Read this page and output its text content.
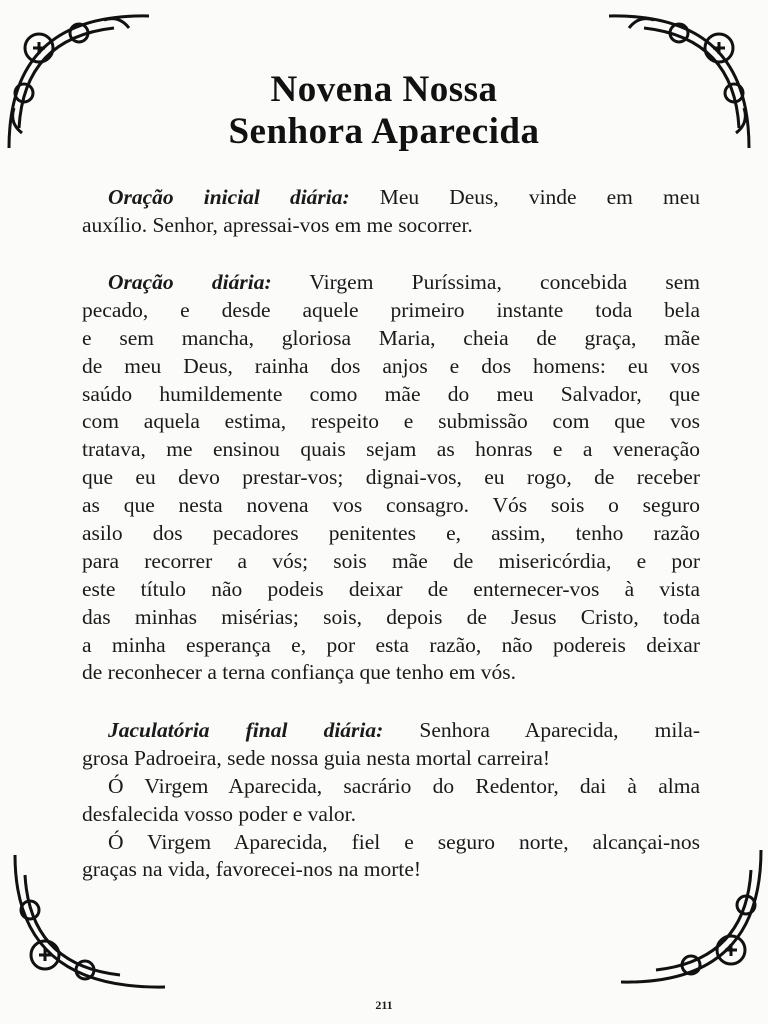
Novena Nossa
Senhora Aparecida
Oração inicial diária: Meu Deus, vinde em meu
auxílio. Senhor, apressai-vos em me socorrer.
Oração diária: Virgem Puríssima, concebida sem
pecado, e desde aquele primeiro instante toda bela
e sem mancha, gloriosa Maria, cheia de graça, mãe
de meu Deus, rainha dos anjos e dos homens: eu vos
saúdo humildemente como mãe do meu Salvador, que
com aquela estima, respeito e submissão com que vos
tratava, me ensinou quais sejam as honras e a veneração
que eu devo prestar-vos; dignai-vos, eu rogo, de receber
as que nesta novena vos consagro. Vós sois o seguro
asilo dos pecadores penitentes e, assim, tenho razão
para recorrer a vós; sois mãe de misericórdia, e por
este título não podeis deixar de enternecer-vos à vista
das minhas misérias; sois, depois de Jesus Cristo, toda
a minha esperança e, por esta razão, não podereis deixar
de reconhecer a terna confiança que tenho em vós.
Jaculatória final diária: Senhora Aparecida, mila-
grosa Padroeira, sede nossa guia nesta mortal carreira!
Ó Virgem Aparecida, sacrário do Redentor, dai à alma
desfalecida vosso poder e valor.
Ó Virgem Aparecida, fiel e seguro norte, alcançai-nos
graças na vida, favorecei-nos na morte!
211
